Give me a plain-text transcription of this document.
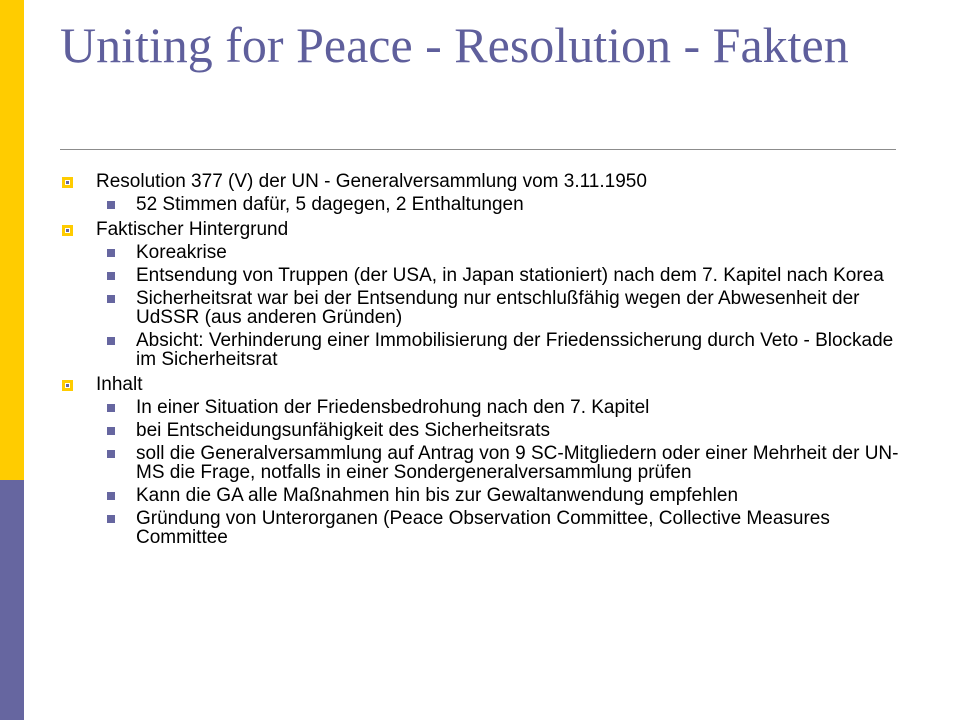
Uniting for Peace - Resolution - Fakten
Resolution 377 (V) der UN - Generalversammlung vom 3.11.1950
52 Stimmen dafür, 5 dagegen, 2 Enthaltungen
Faktischer Hintergrund
Koreakrise
Entsendung von Truppen (der USA, in Japan stationiert) nach dem 7. Kapitel nach Korea
Sicherheitsrat war bei der Entsendung nur entschlußfähig wegen der Abwesenheit der UdSSR (aus anderen Gründen)
Absicht: Verhinderung einer Immobilisierung der Friedenssicherung durch Veto - Blockade im Sicherheitsrat
Inhalt
In einer Situation der Friedensbedrohung nach den 7. Kapitel
bei Entscheidungsunfähigkeit des Sicherheitsrats
soll die Generalversammlung auf Antrag von 9 SC-Mitgliedern oder einer Mehrheit der UN-MS die Frage, notfalls in einer Sondergeneralversammlung prüfen
Kann die GA alle Maßnahmen hin bis zur Gewaltanwendung empfehlen
Gründung von Unterorganen (Peace Observation Committee, Collective Measures Committee
